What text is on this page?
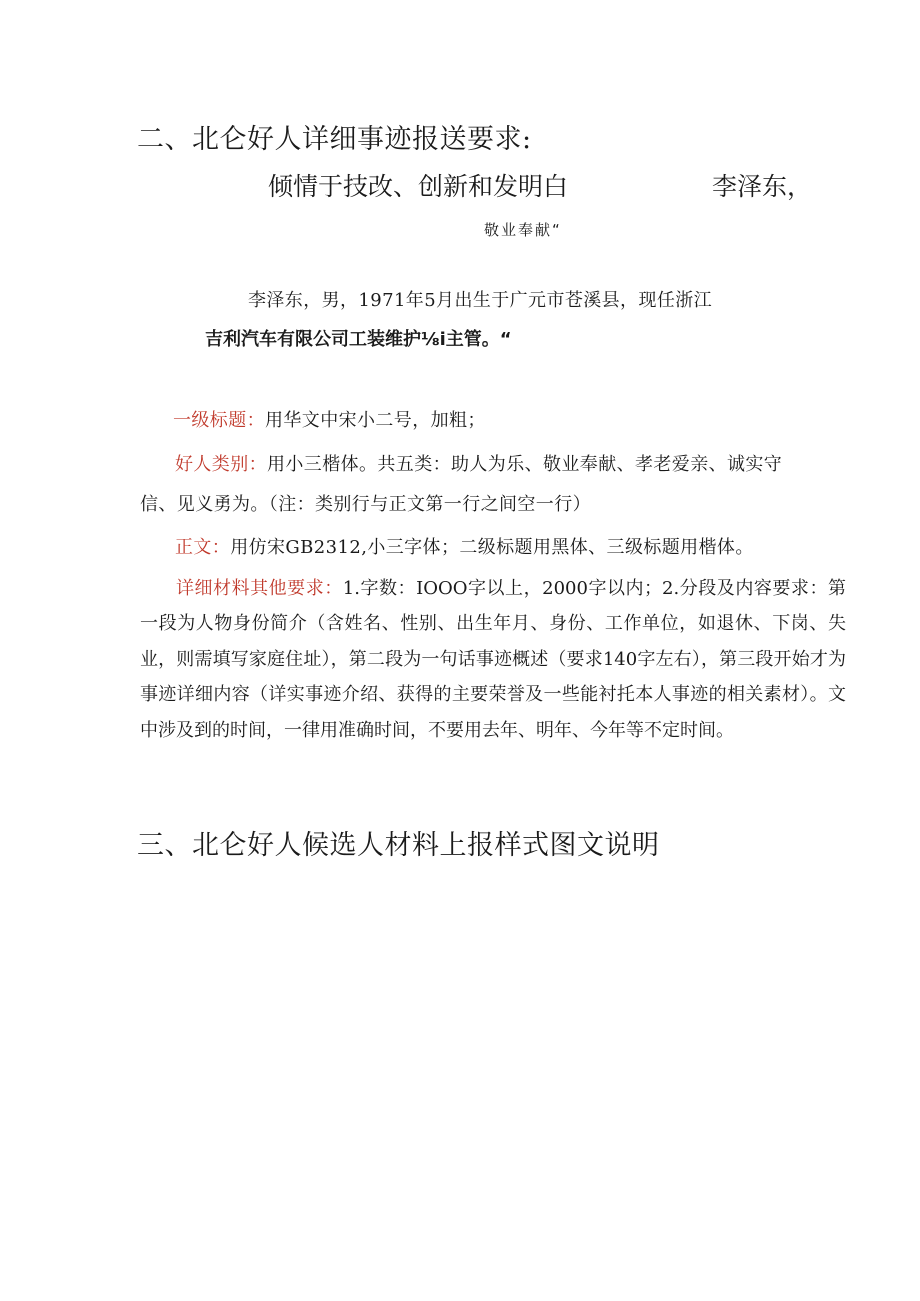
二、北仑好人详细事迹报送要求:
倾情于技改、创新和发明白	李泽东，
敬业奉献“
李泽东，男，1971年5月出生于广元市苍溪县，现任浙江
吉利汽车有限公司工装维护⅛i主管。“
一级标题：用华文中宋小二号，加粗；
好人类别：用小三楷体。共五类：助人为乐、敬业奉献、孝老爱亲、诚实守
信、见义勇为。（注：类别行与正文第一行之间空一行）
正文：用仿宋GB2312,小三字体；二级标题用黑体、三级标题用楷体。
详细材料其他要求：1.字数：IOOO字以上，2000字以内；2.分段及内容要求：第一段为人物身份简介（含姓名、性别、出生年月、身份、工作单位，如退休、下岗、失业，则需填写家庭住址），第二段为一句话事迹概述（要求140字左右），第三段开始才为事迹详细内容（详实事迹介绍、获得的主要荣誉及一些能衬托本人事迹的相关素材）。文中涉及到的时间，一律用准确时间，不要用去年、明年、今年等不定时间。
三、北仑好人候选人材料上报样式图文说明
